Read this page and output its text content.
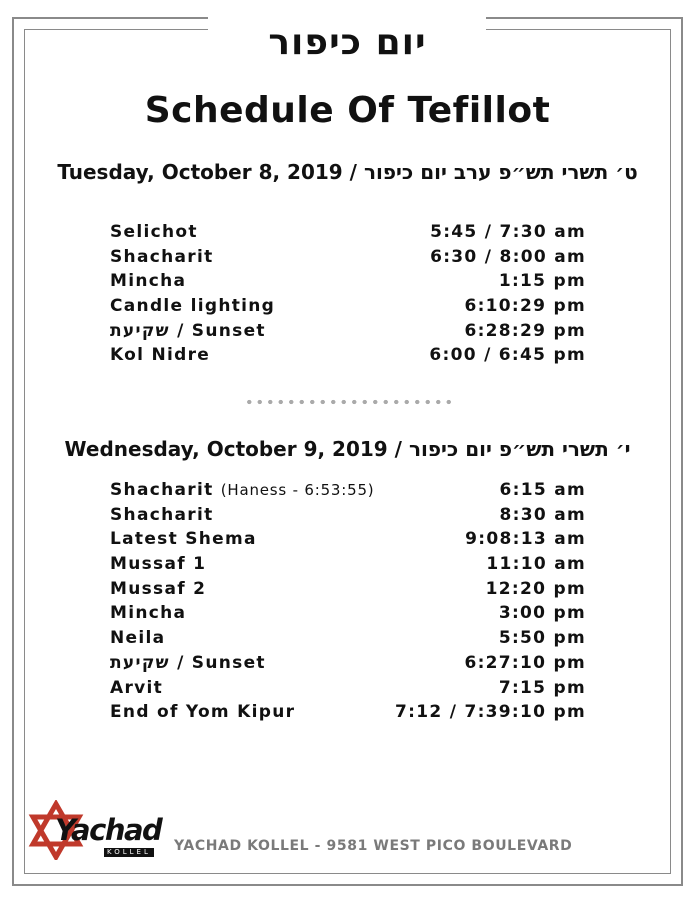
יום כיפור
Schedule Of Tefillot
Tuesday, October 8, 2019 / ט׳ תשרי תש״פ ערב יום כיפור
Selichot	5:45 / 7:30 am
Shacharit	6:30 / 8:00 am
Mincha	1:15 pm
Candle lighting	6:10:29 pm
שקיעת / Sunset	6:28:29 pm
Kol Nidre	6:00 / 6:45 pm
Wednesday, October 9, 2019 / י׳ תשרי תש״פ יום כיפור
Shacharit (Haness - 6:53:55)	6:15 am
Shacharit	8:30 am
Latest Shema	9:08:13 am
Mussaf 1	11:10 am
Mussaf 2	12:20 pm
Mincha	3:00 pm
Neila	5:50 pm
שקיעת / Sunset	6:27:10 pm
Arvit	7:15 pm
End of Yom Kipur	7:12 / 7:39:10 pm
Yachad
KOLLEL YACHAD KOLLEL - 9581 WEST PICO BOULEVARD
